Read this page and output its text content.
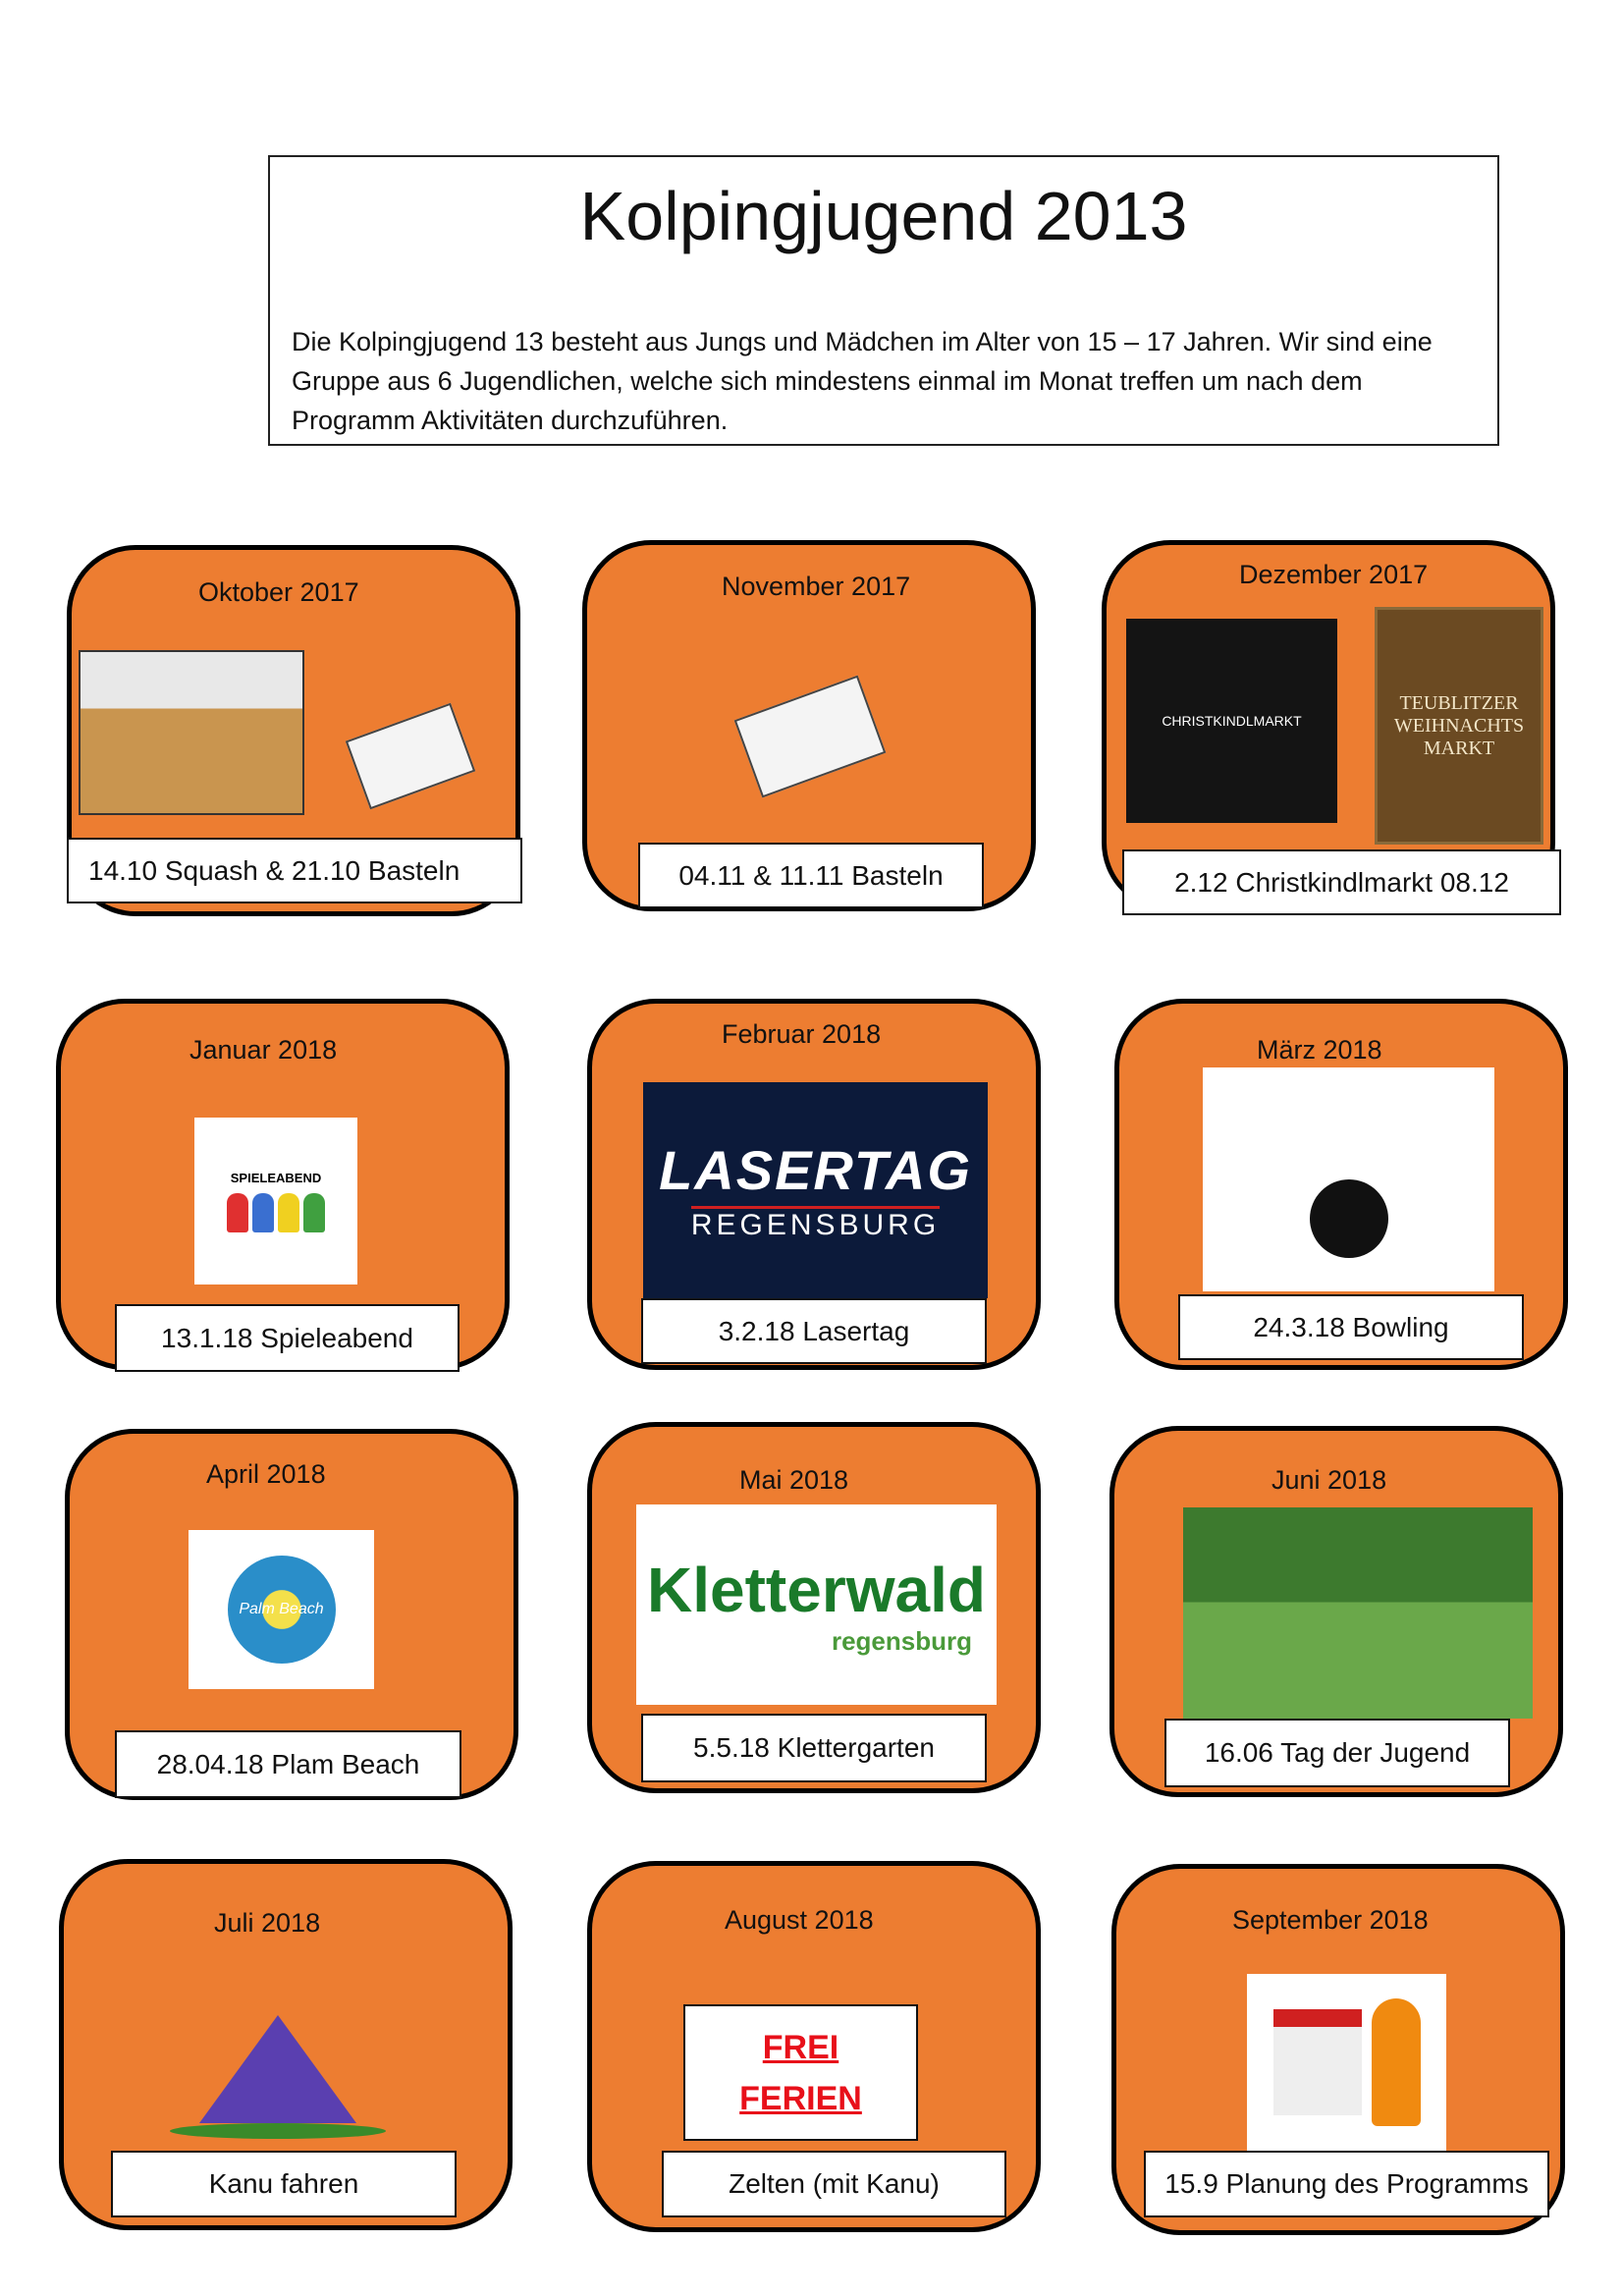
Kolpingjugend 2013

Die Kolpingjugend 13 besteht aus Jungs und Mädchen im Alter von 15 – 17 Jahren. Wir sind eine Gruppe aus 6 Jugendlichen, welche sich mindestens einmal im Monat treffen um nach dem Programm Aktivitäten durchzuführen.

Oktober 2017
14.10 Squash & 21.10 Basteln
November 2017
04.11 & 11.11 Basteln
Dezember 2017
CHRISTKINDLMARKT
TEUBLITZER WEIHNACHTS MARKT
2.12 Christkindlmarkt 08.12
Januar 2018
SPIELEABEND
13.1.18 Spieleabend
Februar 2018
LASERTAG
REGENSBURG
3.2.18 Lasertag
März 2018
24.3.18 Bowling
April 2018
Palm Beach
28.04.18 Plam Beach
Mai 2018
Kletterwald
regensburg
5.5.18 Klettergarten
Juni 2018
16.06 Tag der Jugend
Juli 2018
Kanu fahren
August 2018
FREI
FERIEN
Zelten (mit Kanu)
September 2018
15.9 Planung des Programms
